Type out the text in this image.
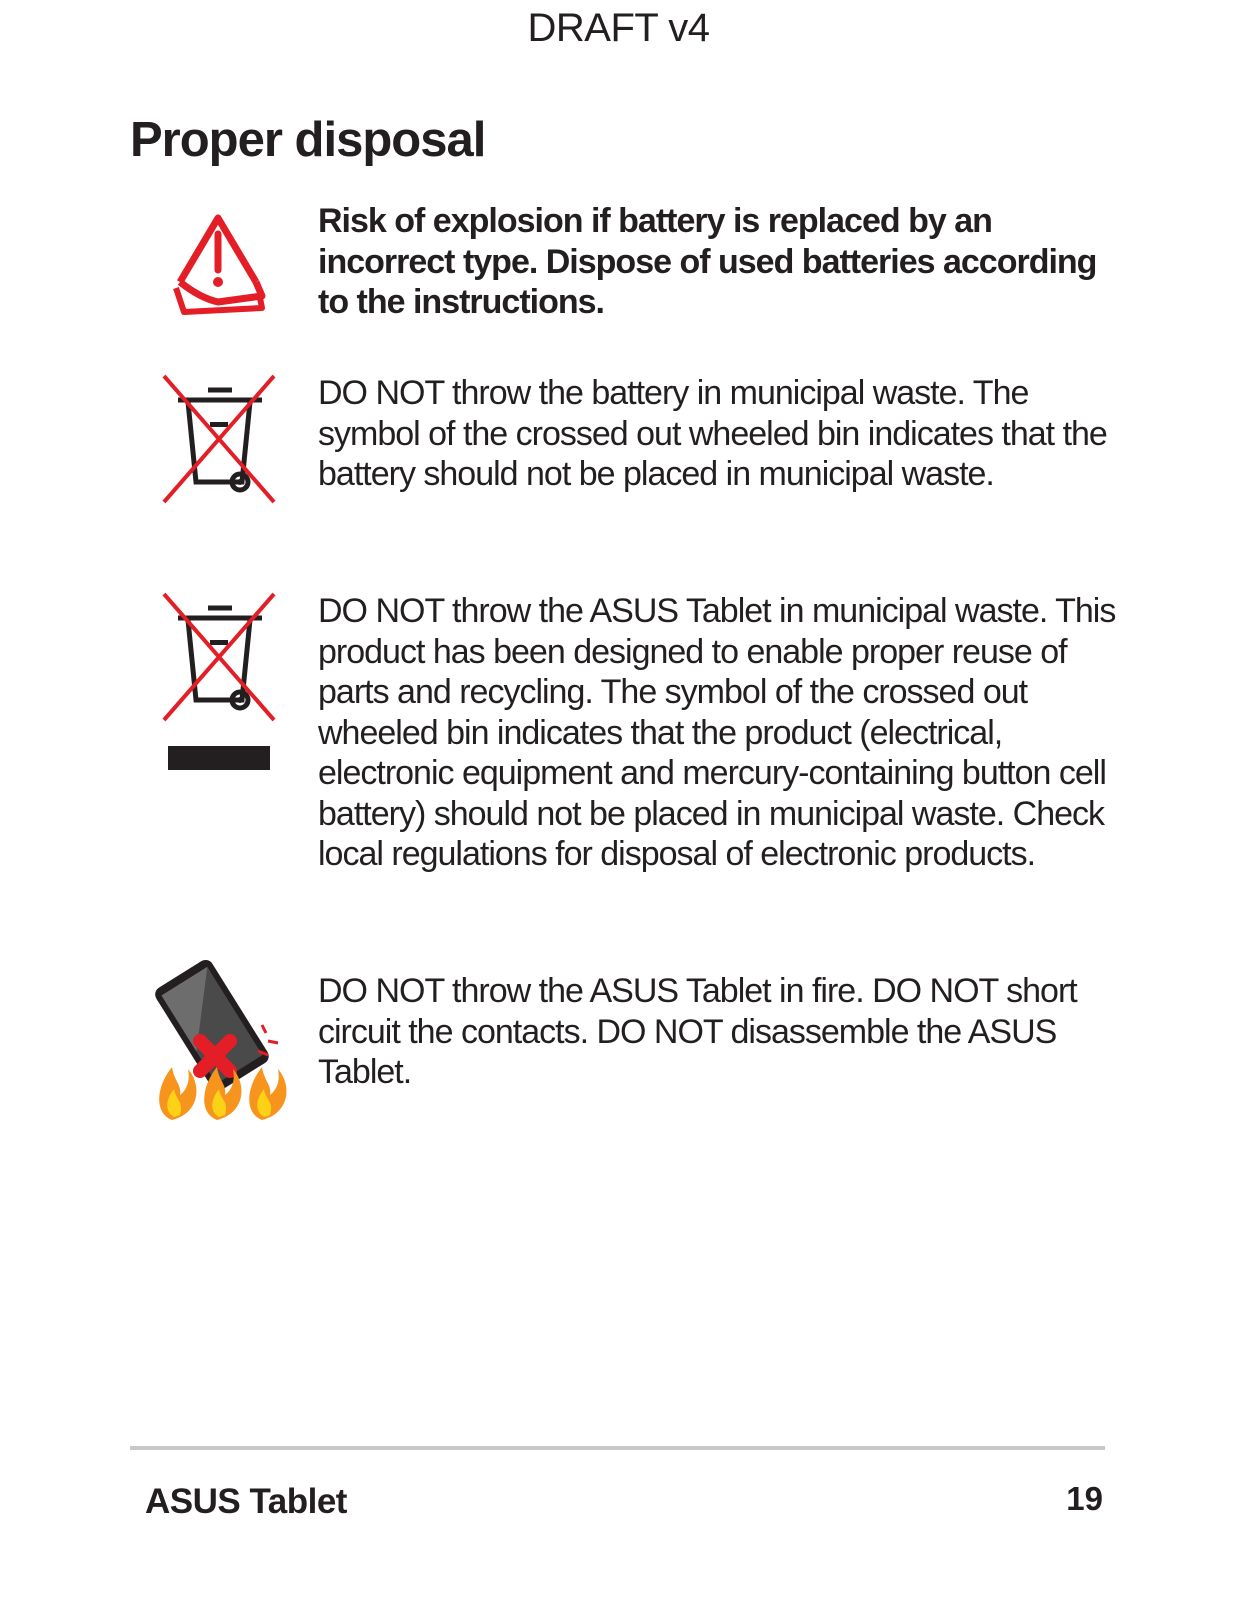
DRAFT v4
Proper disposal
Risk of explosion if battery is replaced by an incorrect type. Dispose of used batteries according to the instructions.
DO NOT throw the battery in municipal waste. The symbol of the crossed out wheeled bin indicates that the battery should not be placed in municipal waste.
DO NOT throw the ASUS Tablet in municipal waste. This product has been designed to enable proper reuse of parts and recycling. The symbol of the crossed out wheeled bin indicates that the product (electrical, electronic equipment and mercury-containing button cell battery) should not be placed in municipal waste. Check local regulations for disposal of electronic products.
DO NOT throw the ASUS Tablet in fire. DO NOT short circuit the contacts. DO NOT disassemble the ASUS Tablet.
ASUS Tablet	19
